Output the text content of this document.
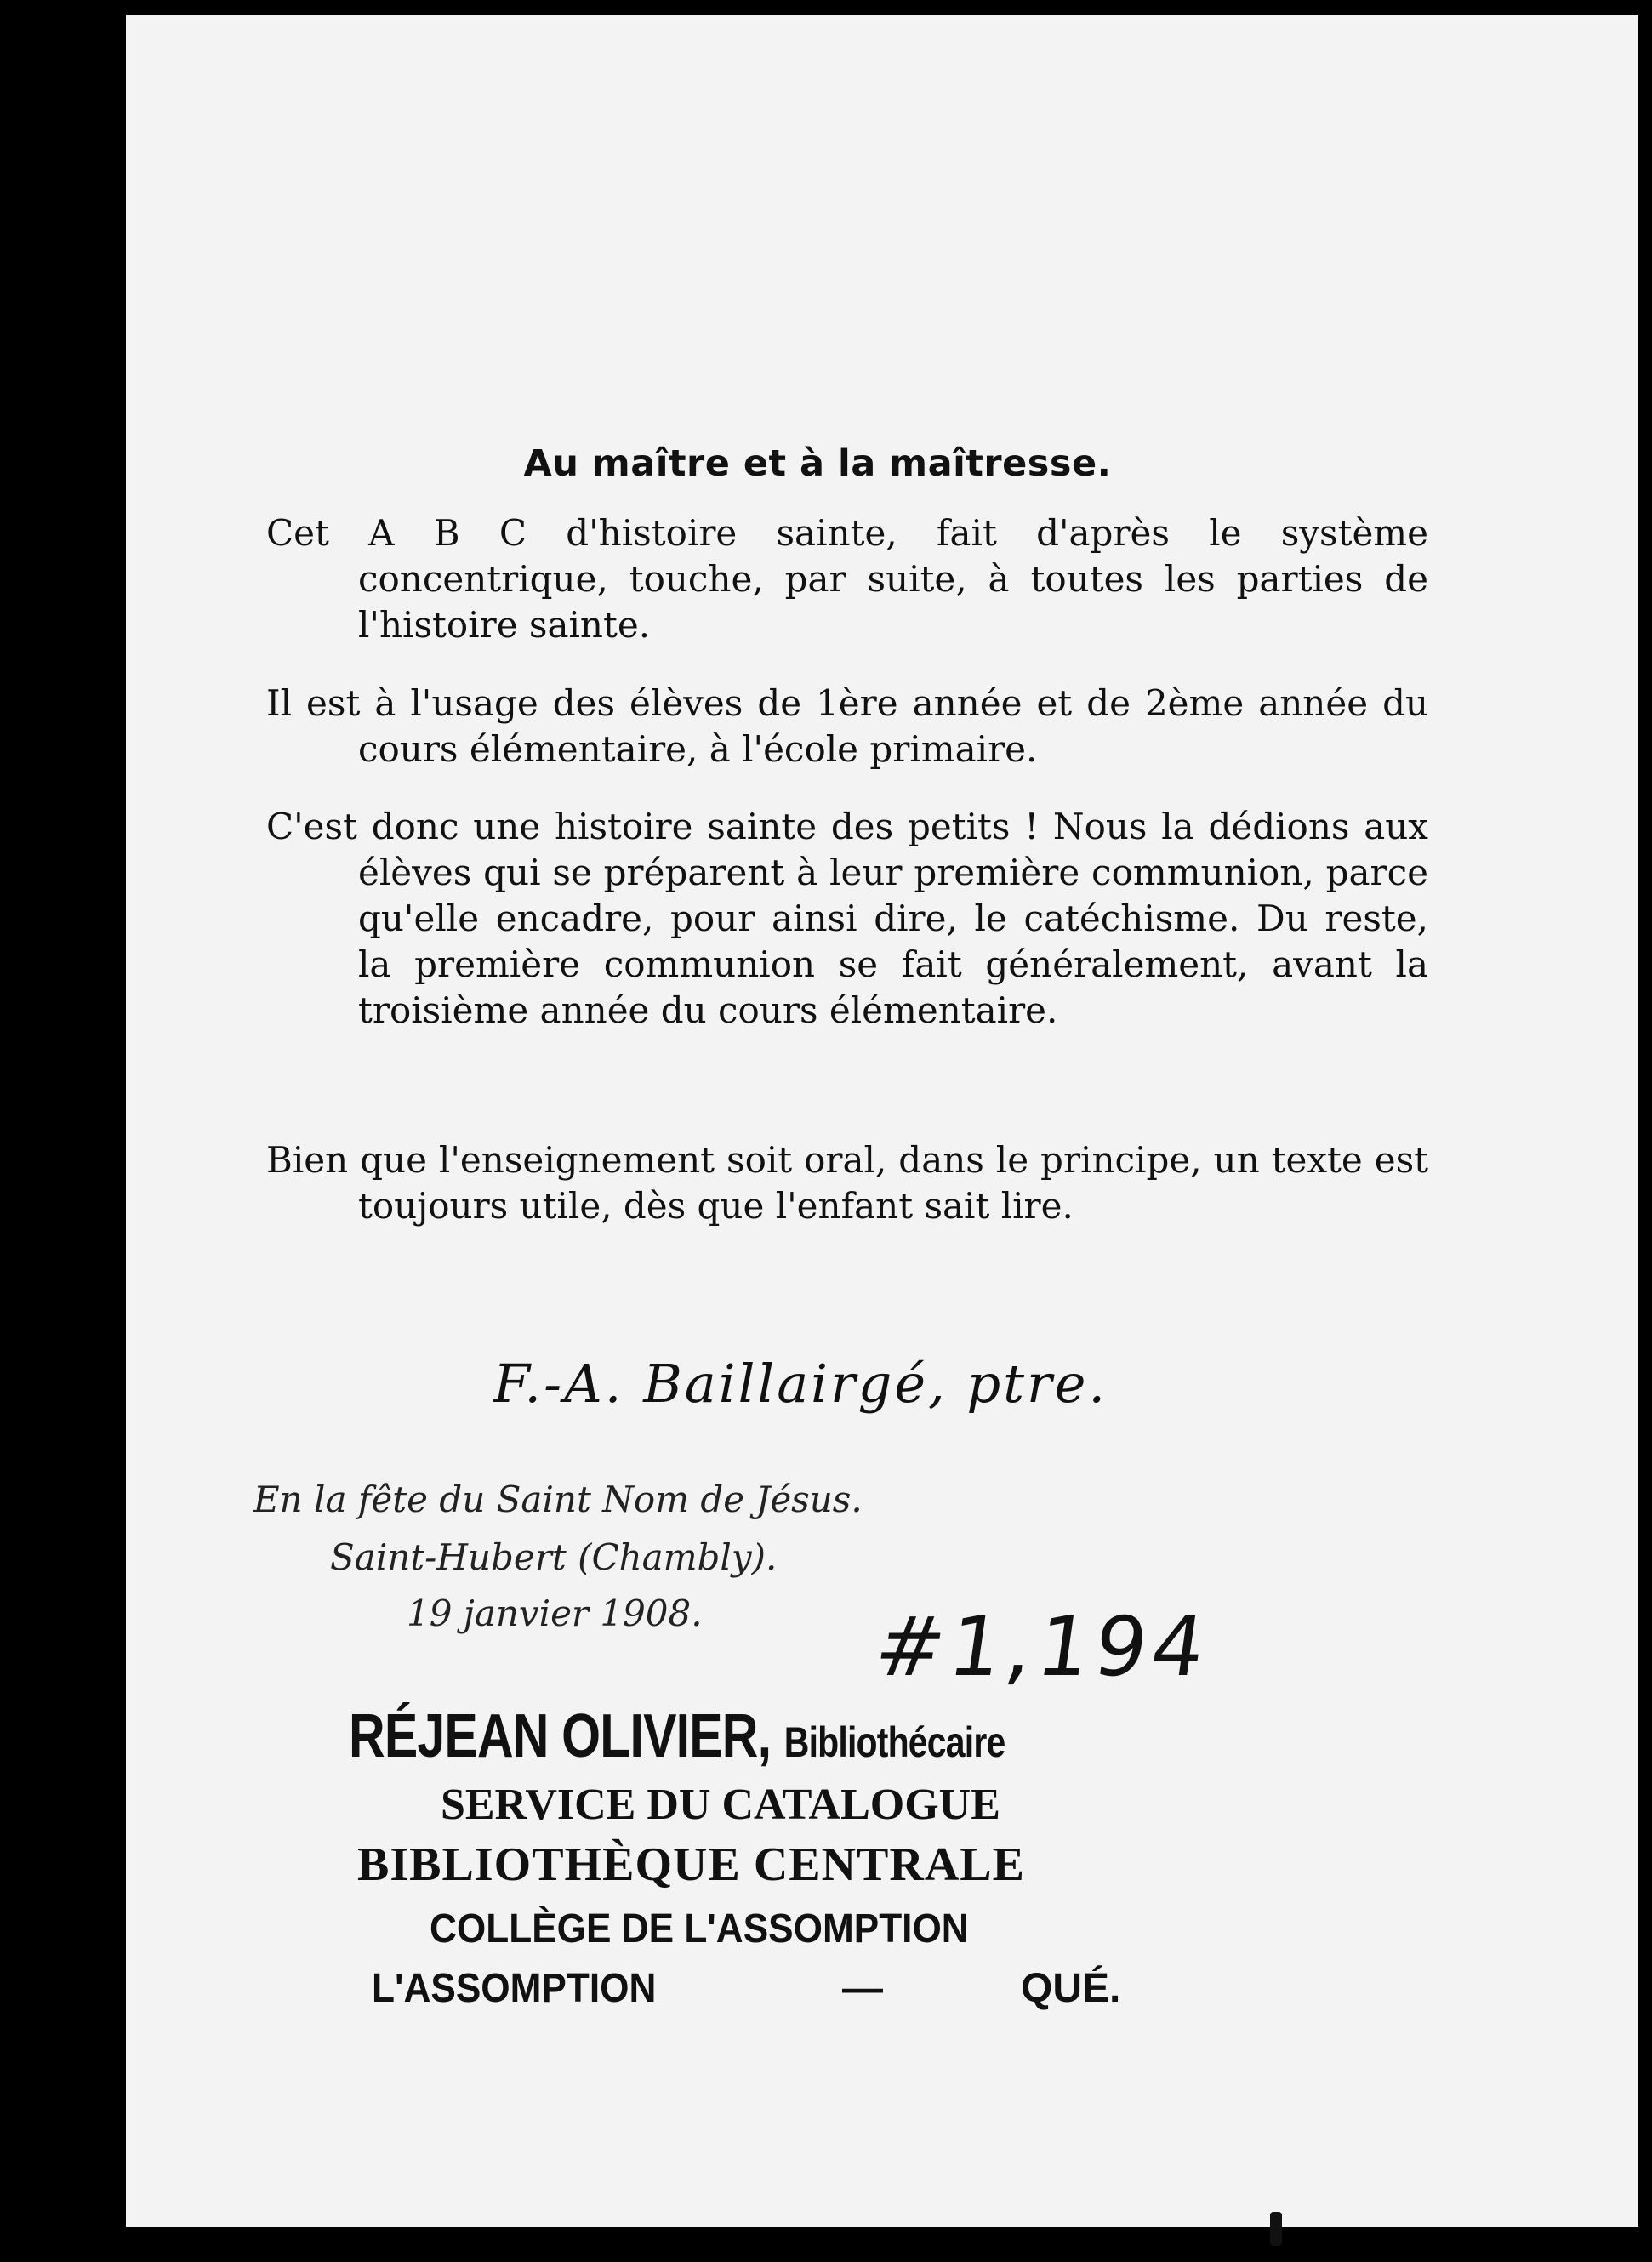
Au maître et à la maîtresse.
Cet A B C d'histoire sainte, fait d'après le système concentrique, touche, par suite, à toutes les parties de l'histoire sainte.
Il est à l'usage des élèves de 1ère année et de 2ème année du cours élémentaire, à l'école primaire.
C'est donc une histoire sainte des petits ! Nous la dédions aux élèves qui se préparent à leur première communion, parce qu'elle encadre, pour ainsi dire, le catéchisme. Du reste, la première communion se fait généralement, avant la troisième année du cours élémentaire.
Bien que l'enseignement soit oral, dans le principe, un texte est toujours utile, dès que l'enfant sait lire.
F.-A. Baillairgé, ptre.
En la fête du Saint Nom de Jésus.
Saint-Hubert (Chambly).
19 janvier 1908. #1,194
RÉJEAN OLIVIER, Bibliothécaire
SERVICE DU CATALOGUE
BIBLIOTHÈQUE CENTRALE
COLLÈGE DE L'ASSOMPTION
L'ASSOMPTION	—	QUÉ.
